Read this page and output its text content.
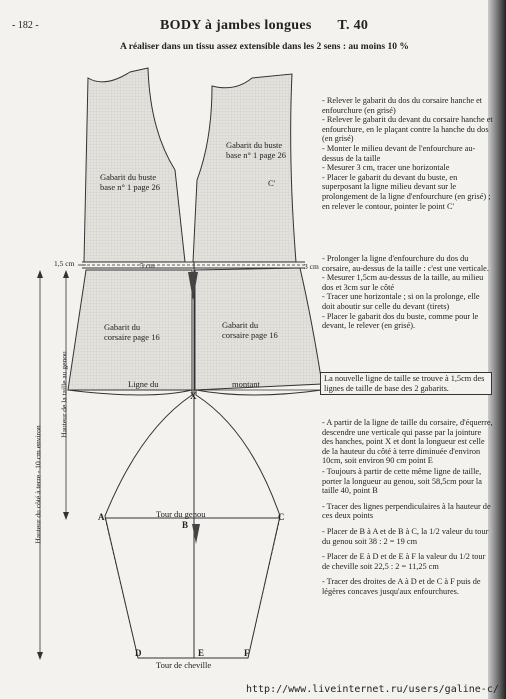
- 182 -	BODY à jambes longues T. 40
A réaliser dans un tissu assez extensible dans les 2 sens : au moins 10 %
Gabarit du buste base n° 1 page 26
Gabarit du buste base n° 1 page 26
C'
1,5 cm	5 cm	3 cm
Gabarit du corsaire page 16
Gabarit du corsaire page 16
Ligne du	montant
X
Tour du genou
A
B
C
D	E	F
Tour de cheville
Hauteur du côté à terre - 10 cm environ
Hauteur de la taille au genou

- Relever le gabarit du dos du corsaire hanche et enfourchure (en grisé)

- Relever le gabarit du devant du corsaire hanche et enfourchure, en le plaçant contre la hanche du dos (en grisé)

- Monter le milieu devant de l'enfourchure au-dessus de la taille

- Mesurer 3 cm, tracer une horizontale

- Placer le gabarit du devant du buste, en superposant la ligne milieu devant sur le prolongement de la ligne d'enfourchure (en grisé) ; en relever le contour, pointer le point C'

- Prolonger la ligne d'enfourchure du dos du corsaire, au-dessus de la taille : c'est une verticale.

- Mesurer 1,5cm au-dessus de la taille, au milieu dos et 3cm sur le côté

- Tracer une horizontale ; si on la prolonge, elle doit aboutir sur celle du devant (tirets)

- Placer le gabarit dos du buste, comme pour le devant, le relever (en grisé).

La nouvelle ligne de taille se trouve à 1,5cm des lignes de taille de base des 2 gabarits.

- A partir de la ligne de taille du corsaire, d'équerre, descendre une verticale qui passe par la jointure des hanches, point X et dont la longueur est celle de la hauteur du côté à terre diminuée d'environ 10cm, soit environ 90 cm point E

- Toujours à partir de cette même ligne de taille, porter la longueur au genou, soit 58,5cm pour la taille 40, point B

- Tracer des lignes perpendiculaires à la hauteur de ces deux points

- Placer de B à A et de B à C, la 1/2 valeur du tour du genou soit 38 : 2 = 19 cm

- Placer de E à D et de E à F la valeur du 1/2 tour de cheville soit 22,5 : 2 = 11,25 cm

- Tracer des droites de A à D et de C à F puis de légères concaves jusqu'aux enfourchures.

http://www.liveinternet.ru/users/galine-c/
